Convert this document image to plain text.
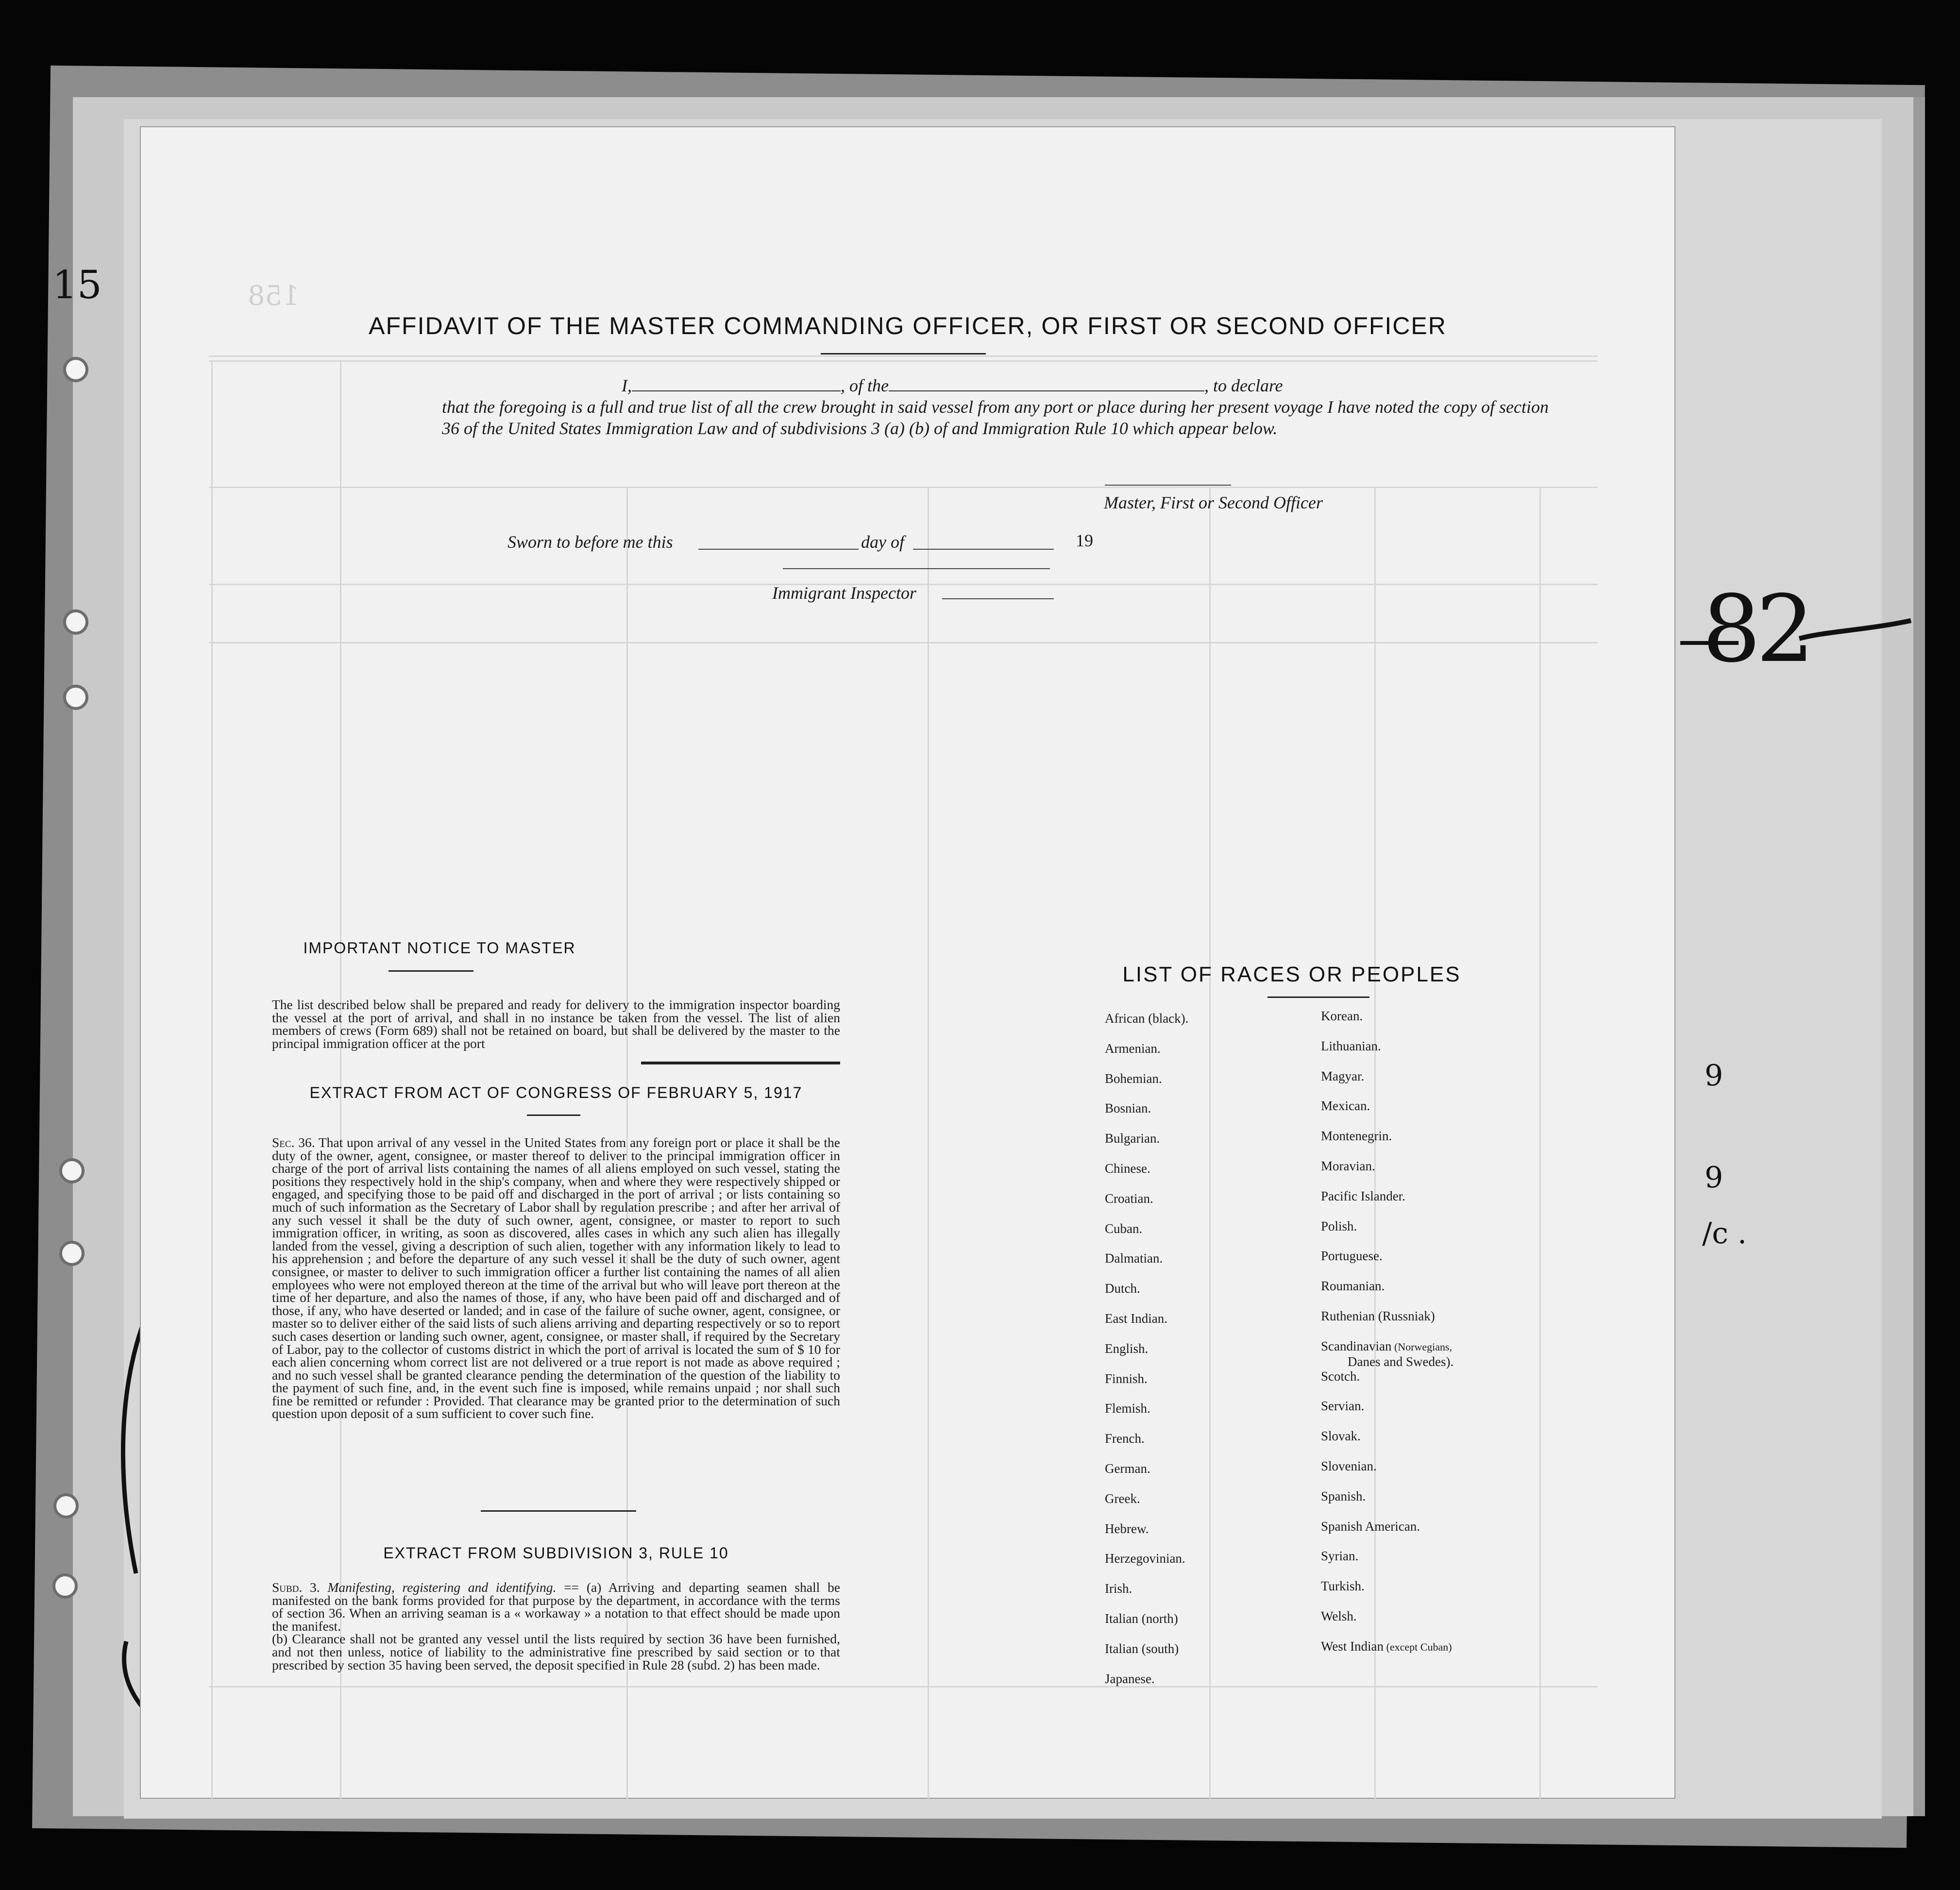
15
82
9
9
/c .
158
AFFIDAVIT OF THE MASTER COMMANDING OFFICER, OR FIRST OR SECOND OFFICER
I,	, of the	, to declare
that the foregoing is a full and true list of all the crew brought in said vessel from any port or place during her present voyage I have noted the copy of section 36 of the United States Immigration Law and of subdivisions 3 (a) (b) of and Immigration Rule 10 which appear below.
Master, First or Second Officer
Sworn to before me this	day of	19
Immigrant Inspector
IMPORTANT NOTICE TO MASTER
The list described below shall be prepared and ready for delivery to the immigration inspector boarding the vessel at the port of arrival, and shall in no instance be taken from the vessel. The list of alien members of crews (Form 689) shall not be retained on board, but shall be delivered by the master to the principal immigration officer at the port
EXTRACT FROM ACT OF CONGRESS OF FEBRUARY 5, 1917
Sec. 36. That upon arrival of any vessel in the United States from any foreign port or place it shall be the duty of the owner, agent, consignee, or master thereof to deliver to the principal immigration officer in charge of the port of arrival lists containing the names of all aliens employed on such vessel, stating the positions they respectively hold in the ship's company, when and where they were respectively shipped or engaged, and specifying those to be paid off and discharged in the port of arrival ; or lists containing so much of such information as the Secretary of Labor shall by regulation prescribe ; and after her arrival of any such vessel it shall be the duty of such owner, agent, consignee, or master to report to such immigration officer, in writing, as soon as discovered, alles cases in which any such alien has illegally landed from the vessel, giving a description of such alien, together with any information likely to lead to his apprehension ; and before the departure of any such vessel it shall be the duty of such owner, agent consignee, or master to deliver to such immigration officer a further list containing the names of all alien employees who were not employed thereon at the time of the arrival but who will leave port thereon at the time of her departure, and also the names of those, if any, who have been paid off and discharged and of those, if any, who have deserted or landed; and in case of the failure of suche owner, agent, consignee, or master so to deliver either of the said lists of such aliens arriving and departing respectively or so to report such cases desertion or landing such owner, agent, consignee, or master shall, if required by the Secretary of Labor, pay to the collector of customs district in which the port of arrival is located the sum of $ 10 for each alien concerning whom correct list are not delivered or a true report is not made as above required ; and no such vessel shall be granted clearance pending the determination of the question of the liability to the payment of such fine, and, in the event such fine is imposed, while remains unpaid ; nor shall such fine be remitted or refunder : Provided. That clearance may be granted prior to the determination of such question upon deposit of a sum sufficient to cover such fine.
EXTRACT FROM SUBDIVISION 3, RULE 10
Subd. 3. Manifesting, registering and identifying. == (a) Arriving and departing seamen shall be manifested on the bank forms provided for that purpose by the department, in accordance with the terms of section 36. When an arriving seaman is a « workaway » a notation to that effect should be made upon the manifest.
(b) Clearance shall not be granted any vessel until the lists required by section 36 have been furnished, and not then unless, notice of liability to the administrative fine prescribed by said section or to that prescribed by section 35 having been served, the deposit specified in Rule 28 (subd. 2) has been made.
LIST OF RACES OR PEOPLES
African (black).
Armenian.
Bohemian.
Bosnian.
Bulgarian.
Chinese.
Croatian.
Cuban.
Dalmatian.
Dutch.
East Indian.
English.
Finnish.
Flemish.
French.
German.
Greek.
Hebrew.
Herzegovinian.
Irish.
Italian (north)
Italian (south)
Japanese.
Korean.
Lithuanian.
Magyar.
Mexican.
Montenegrin.
Moravian.
Pacific Islander.
Polish.
Portuguese.
Roumanian.
Ruthenian (Russniak)
Scandinavian (Norwegians,
Danes and Swedes).
Scotch.
Servian.
Slovak.
Slovenian.
Spanish.
Spanish American.
Syrian.
Turkish.
Welsh.
West Indian (except Cuban)
